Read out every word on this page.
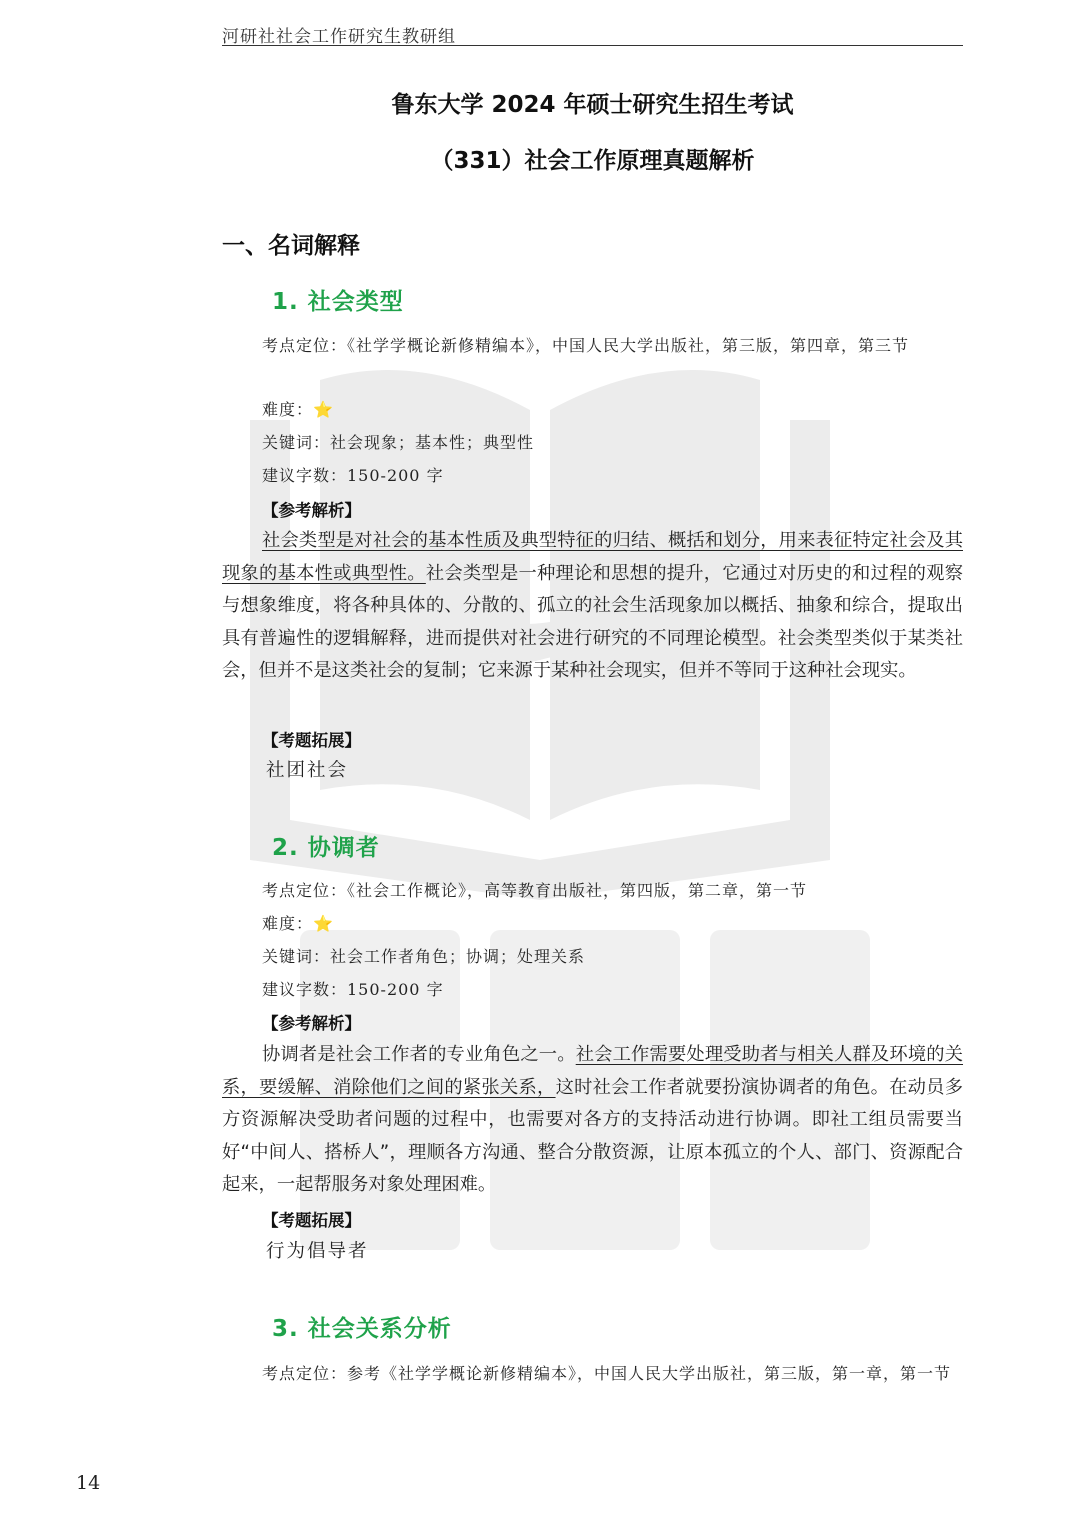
河研社社会工作研究生教研组
鲁东大学 2024 年硕士研究生招生考试
（331）社会工作原理真题解析
一、名词解释
1. 社会类型
考点定位：《社学学概论新修精编本》，中国人民大学出版社，第三版，第四章，第三节
难度：⭐
关键词：社会现象；基本性；典型性
建议字数：150-200 字
【参考解析】
社会类型是对社会的基本性质及典型特征的归结、概括和划分，用来表征特定社会及其现象的基本性或典型性。社会类型是一种理论和思想的提升，它通过对历史的和过程的观察与想象维度，将各种具体的、分散的、孤立的社会生活现象加以概括、抽象和综合，提取出具有普遍性的逻辑解释，进而提供对社会进行研究的不同理论模型。社会类型类似于某类社会，但并不是这类社会的复制；它来源于某种社会现实，但并不等同于这种社会现实。
【考题拓展】
社团社会
2. 协调者
考点定位：《社会工作概论》，高等教育出版社，第四版，第二章，第一节
难度：⭐
关键词：社会工作者角色；协调；处理关系
建议字数：150-200 字
【参考解析】
协调者是社会工作者的专业角色之一。社会工作需要处理受助者与相关人群及环境的关系，要缓解、消除他们之间的紧张关系，这时社会工作者就要扮演协调者的角色。在动员多方资源解决受助者问题的过程中，也需要对各方的支持活动进行协调。即社工组员需要当好“中间人、搭桥人”，理顺各方沟通、整合分散资源，让原本孤立的个人、部门、资源配合起来，一起帮服务对象处理困难。
【考题拓展】
行为倡导者
3. 社会关系分析
考点定位：参考《社学学概论新修精编本》，中国人民大学出版社，第三版，第一章，第一节
14
